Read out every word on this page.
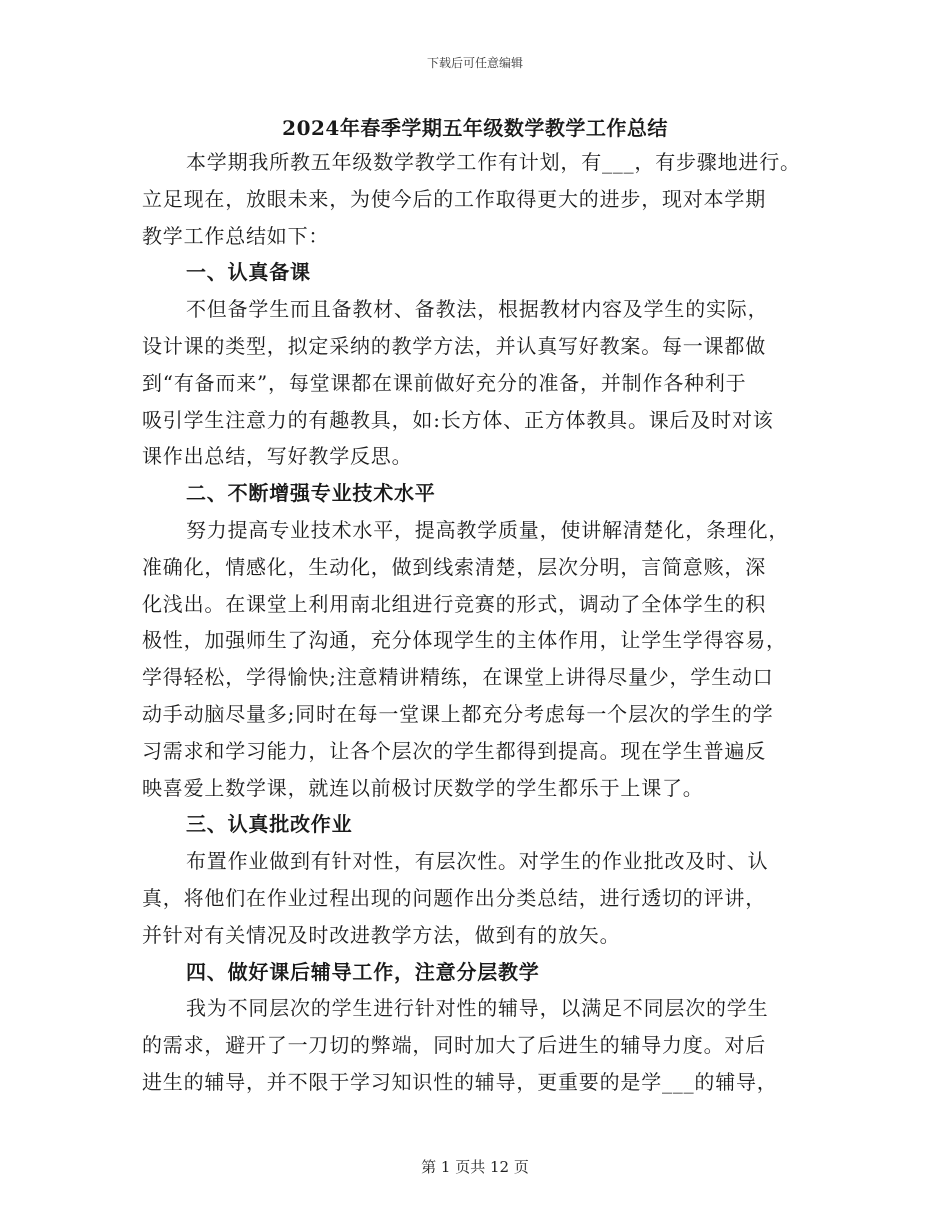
下载后可任意编辑
2024年春季学期五年级数学教学工作总结
本学期我所教五年级数学教学工作有计划，有___，有步骤地进行。
立足现在，放眼未来，为使今后的工作取得更大的进步，现对本学期
教学工作总结如下：
一、认真备课
不但备学生而且备教材、备教法，根据教材内容及学生的实际，
设计课的类型，拟定采纳的教学方法，并认真写好教案。每一课都做
到“有备而来”，每堂课都在课前做好充分的准备，并制作各种利于
吸引学生注意力的有趣教具，如:长方体、正方体教具。课后及时对该
课作出总结，写好教学反思。
二、不断增强专业技术水平
努力提高专业技术水平，提高教学质量，使讲解清楚化，条理化，
准确化，情感化，生动化，做到线索清楚，层次分明，言简意赅，深
化浅出。在课堂上利用南北组进行竞赛的形式，调动了全体学生的积
极性，加强师生了沟通，充分体现学生的主体作用，让学生学得容易，
学得轻松，学得愉快;注意精讲精练，在课堂上讲得尽量少，学生动口
动手动脑尽量多;同时在每一堂课上都充分考虑每一个层次的学生的学
习需求和学习能力，让各个层次的学生都得到提高。现在学生普遍反
映喜爱上数学课，就连以前极讨厌数学的学生都乐于上课了。
三、认真批改作业
布置作业做到有针对性，有层次性。对学生的作业批改及时、认
真，将他们在作业过程出现的问题作出分类总结，进行透切的评讲，
并针对有关情况及时改进教学方法，做到有的放矢。
四、做好课后辅导工作，注意分层教学
我为不同层次的学生进行针对性的辅导，以满足不同层次的学生
的需求，避开了一刀切的弊端，同时加大了后进生的辅导力度。对后
进生的辅导，并不限于学习知识性的辅导，更重要的是学___的辅导，
第 1 页共 12 页
